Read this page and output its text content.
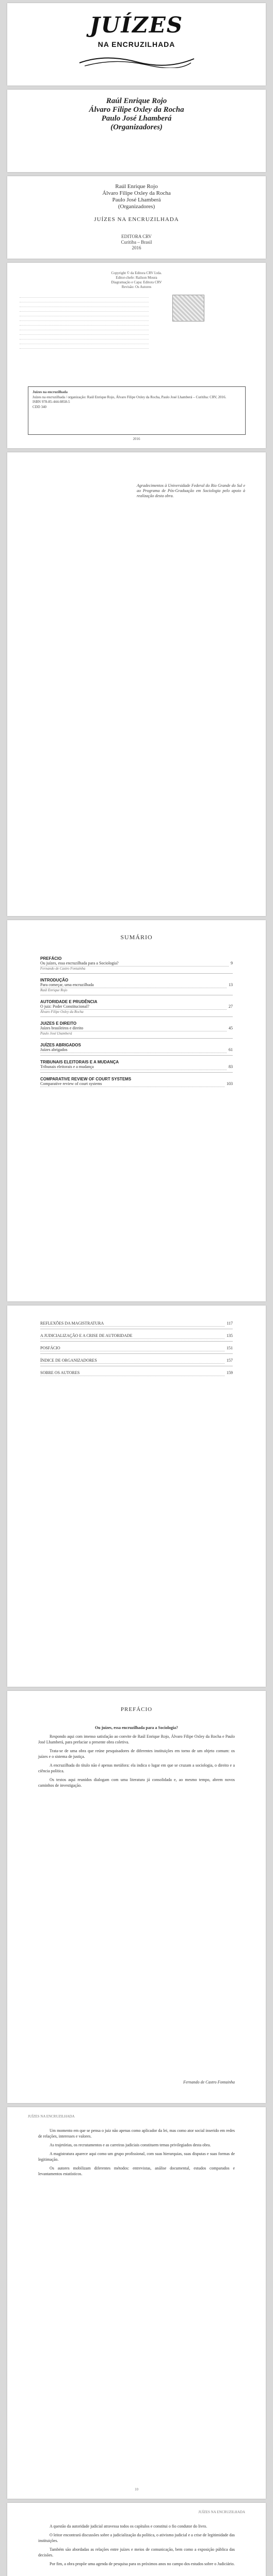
JUÍZES
NA ENCRUZILHADA
Raúl Enrique Rojo
Álvaro Filipe Oxley da Rocha
Paulo José Lhamberá
(Organizadores)
Raúl Enrique Rojo
Álvaro Filipe Oxley da Rocha
Paulo José Lhamberá
(Organizadores)
JUÍZES NA ENCRUZILHADA
EDITORA CRV
Curitiba – Brasil
2016
Copyright © da Editora CRV Ltda.
Editor-chefe: Railson Moura
Diagramação e Capa: Editora CRV
Revisão: Os Autores
Juízes na encruzilhada
Juízes na encruzilhada / organização: Raúl Enrique Rojo, Álvaro Filipe Oxley da Rocha, Paulo José Lhamberá – Curitiba: CRV, 2016.
ISBN 978-85-444-0858-5
CDD 340
2016
Agradecimentos à Universidade Federal do Rio Grande do Sul e ao Programa de Pós-Graduação em Sociologia pelo apoio à realização desta obra.
SUMÁRIO
PREFÁCIO
Ou juízes, essa encruzilhada para a Sociologia?	9
Fernando de Castro Fontainha
INTRODUÇÃO
Para começar, uma encruzilhada	13
Raúl Enrique Rojo
AUTORIDADE E PRUDÊNCIA
O juiz: Poder Constitucional?	27
Álvaro Filipe Oxley da Rocha
JUIZES E DIREITO
Juízes brasileiros e direito	45
Paulo José Lhamberá
JUÍZES ABRIGADOS
Juízes abrigados	61
TRIBUNAIS ELEITORAIS E A MUDANÇA
Tribunais eleitorais e a mudança	83
COMPARATIVE REVIEW OF COURT SYSTEMS
Comparative review of court systems	103
REFLEXÕES DA MAGISTRATURA	117
A JUDICIALIZAÇÃO E A CRISE DE AUTORIDADE	135
POSFÁCIO	151
ÍNDICE DE ORGANIZADORES	157
SOBRE OS AUTORES	159
PREFÁCIO

Ou juízes, essa encruzilhada para a Sociologia?

Respondo aqui com imenso satisfação ao convite de Raúl Enrique Rojo, Álvaro Filipe Oxley da Rocha e Paulo José Lhamberá, para prefaciar a presente obra coletiva.

Trata-se de uma obra que reúne pesquisadores de diferentes instituições em torno de um objeto comum: os juízes e o sistema de justiça.

A encruzilhada do título não é apenas metáfora: ela indica o lugar em que se cruzam a sociologia, o direito e a ciência política.

Os textos aqui reunidos dialogam com uma literatura já consolidada e, ao mesmo tempo, abrem novos caminhos de investigação.

Fernando de Castro Fontainha
JUÍZES NA ENCRUZILHADA

Um momento em que se pensa o juiz não apenas como aplicador da lei, mas como ator social inserido em redes de relações, interesses e valores.

As trajetórias, os recrutamentos e as carreiras judiciais constituem temas privilegiados desta obra.

A magistratura aparece aqui como um grupo profissional, com suas hierarquias, suas disputas e suas formas de legitimação.

Os autores mobilizam diferentes métodos: entrevistas, análise documental, estudos comparados e levantamentos estatísticos.

10
JUÍZES NA ENCRUZILHADA

A questão da autoridade judicial atravessa todos os capítulos e constitui o fio condutor do livro.

O leitor encontrará discussões sobre a judicialização da política, o ativismo judicial e a crise de legitimidade das instituições.

Também são abordadas as relações entre juízes e meios de comunicação, bem como a exposição pública das decisões.

Por fim, a obra propõe uma agenda de pesquisa para os próximos anos no campo dos estudos sobre o Judiciário.
